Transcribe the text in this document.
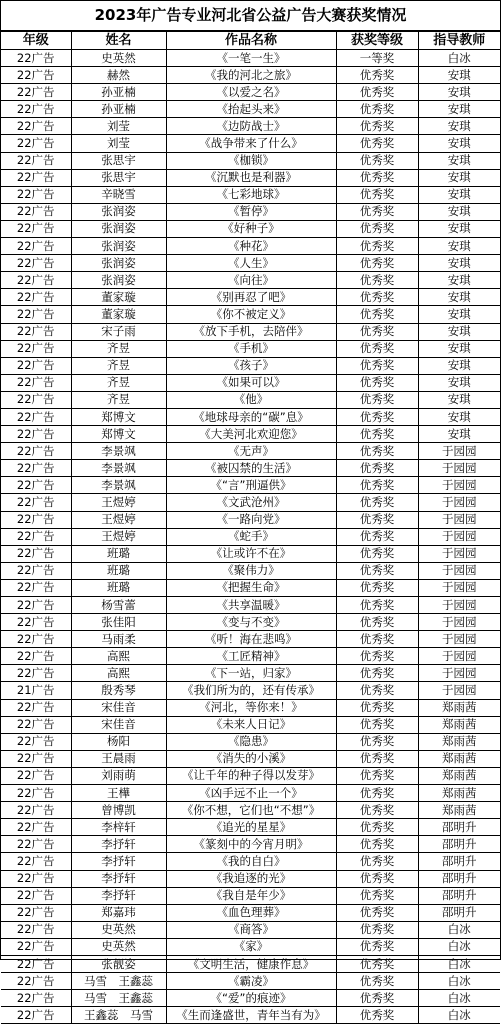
2023年广告专业河北省公益广告大赛获奖情况
年级	姓名	作品名称	获奖等级	指导教师
22广告	史英然	《一笔一生》	一等奖	白冰
22广告	赫然	《我的河北之旅》	优秀奖	安琪
22广告	孙亚楠	《以爱之名》	优秀奖	安琪
22广告	孙亚楠	《抬起头来》	优秀奖	安琪
22广告	刘莹	《边防战士》	优秀奖	安琪
22广告	刘莹	《战争带来了什么》	优秀奖	安琪
22广告	张思宇	《枷锁》	优秀奖	安琪
22广告	张思宇	《沉默也是利器》	优秀奖	安琪
22广告	辛晓雪	《七彩地球》	优秀奖	安琪
22广告	张润姿	《暂停》	优秀奖	安琪
22广告	张润姿	《好种子》	优秀奖	安琪
22广告	张润姿	《种花》	优秀奖	安琪
22广告	张润姿	《人生》	优秀奖	安琪
22广告	张润姿	《向往》	优秀奖	安琪
22广告	董家璇	《别再忍了吧》	优秀奖	安琪
22广告	董家璇	《你不被定义》	优秀奖	安琪
22广告	宋子雨	《放下手机，去陪伴》	优秀奖	安琪
22广告	齐昱	《手机》	优秀奖	安琪
22广告	齐昱	《孩子》	优秀奖	安琪
22广告	齐昱	《如果可以》	优秀奖	安琪
22广告	齐昱	《他》	优秀奖	安琪
22广告	郑博文	《地球母亲的“碳”息》	优秀奖	安琪
22广告	郑博文	《大美河北欢迎您》	优秀奖	安琪
22广告	李景飒	《无声》	优秀奖	于园园
22广告	李景飒	《被囚禁的生活》	优秀奖	于园园
22广告	李景飒	《“言”刑逼供》	优秀奖	于园园
22广告	王煜婷	《文武沧州》	优秀奖	于园园
22广告	王煜婷	《一路向党》	优秀奖	于园园
22广告	王煜婷	《蛇手》	优秀奖	于园园
22广告	班璐	《让或许不在》	优秀奖	于园园
22广告	班璐	《聚伟力》	优秀奖	于园园
22广告	班璐	《把握生命》	优秀奖	于园园
22广告	杨雪蕾	《共享温暖》	优秀奖	于园园
22广告	张佳阳	《变与不变》	优秀奖	于园园
22广告	马雨柔	《听！海在悲鸣》	优秀奖	于园园
22广告	高熙	《工匠精神》	优秀奖	于园园
22广告	高熙	《下一站，归家》	优秀奖	于园园
21广告	殷秀琴	《我们所为的，还有传承》	优秀奖	于园园
22广告	宋佳音	《河北，等你来！》	优秀奖	郑雨茜
22广告	宋佳音	《未来人日记》	优秀奖	郑雨茜
22广告	杨阳	《隐患》	优秀奖	郑雨茜
22广告	王晨雨	《消失的小溪》	优秀奖	郑雨茜
22广告	刘雨萌	《让千年的种子得以发芽》	优秀奖	郑雨茜
22广告	王樺	《凶手远不止一个》	优秀奖	郑雨茜
22广告	曾博凯	《你不想，它们也“不想”》	优秀奖	郑雨茜
22广告	李梓轩	《追光的星星》	优秀奖	邵明升
22广告	李抒轩	《篆刻中的今宵月明》	优秀奖	邵明升
22广告	李抒轩	《我的自白》	优秀奖	邵明升
22广告	李抒轩	《我追逐的光》	优秀奖	邵明升
22广告	李抒轩	《我自是年少》	优秀奖	邵明升
22广告	郑嘉玮	《血色理葬》	优秀奖	邵明升
22广告	史英然	《商答》	优秀奖	白冰
22广告	史英然	《家》	优秀奖	白冰
22广告	张靓姿	《文明生活，健康作息》	优秀奖	白冰
22广告	马雪　王鑫蕊	《霸凌》	优秀奖	白冰
22广告	马雪　王鑫蕊	《“爱”的痕迹》	优秀奖	白冰
22广告	王鑫蕊　马雪	《生而逢盛世，青年当有为》	优秀奖	白冰
